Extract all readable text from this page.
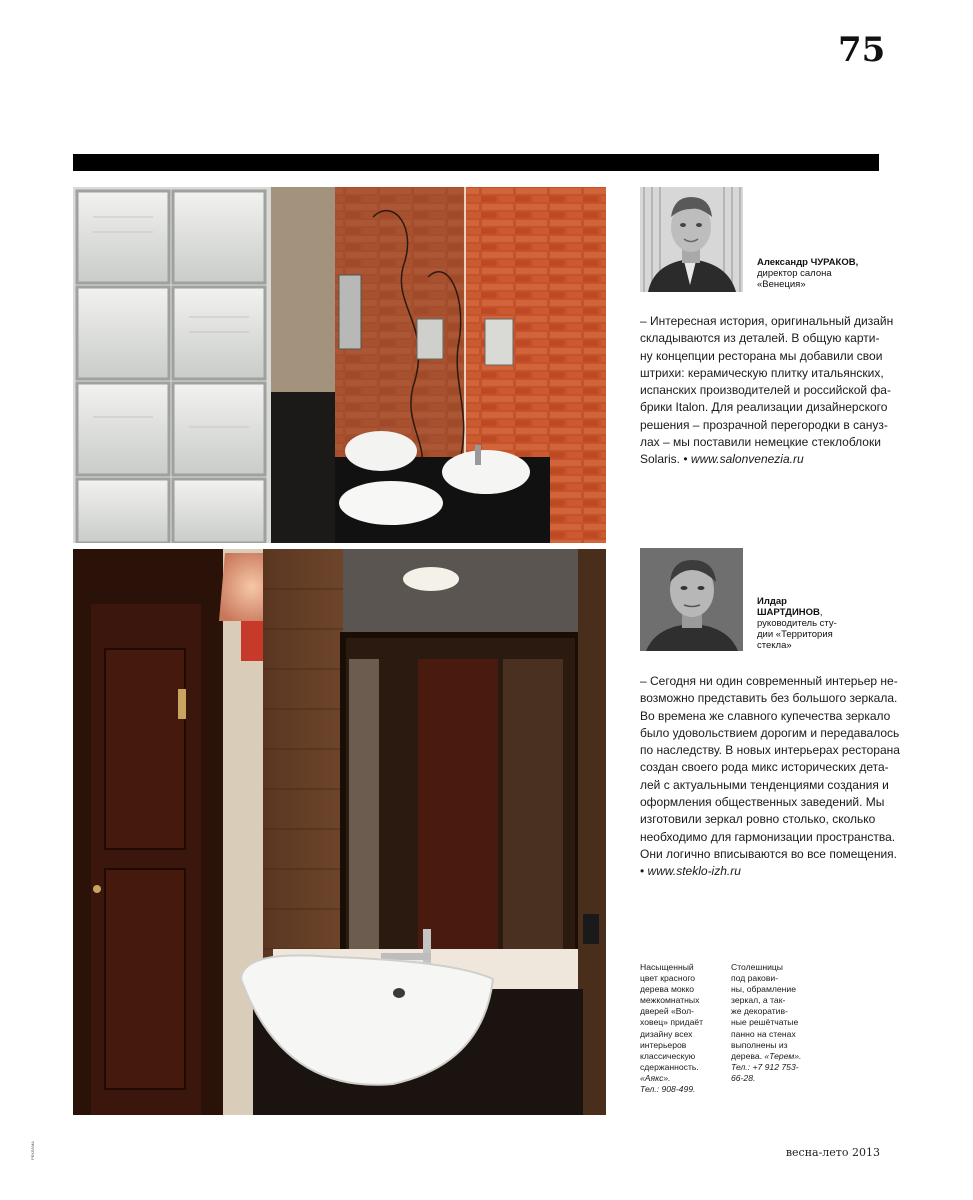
75
Александр ЧУРАКОВ,
директор салона
«Венеция»
– Интересная история, оригинальный дизайн
складываются из деталей. В общую карти-
ну концепции ресторана мы добавили свои
штрихи: керамическую плитку итальянских,
испанских производителей и российской фа-
брики Italon. Для реализации дизайнерского
решения – прозрачной перегородки в сануз-
лах – мы поставили немецкие стеклоблоки
Solaris. • www.salonvenezia.ru
Илдар
ШАРТДИНОВ,
руководитель сту-
дии «Территория
стекла»
– Сегодня ни один современный интерьер не-
возможно представить без большого зеркала.
Во времена же славного купечества зеркало
было удовольствием дорогим и передавалось
по наследству. В новых интерьерах ресторана
создан своего рода микс исторических дета-
лей с актуальными тенденциями создания и
оформления общественных заведений. Мы
изготовили зеркал ровно столько, сколько
необходимо для гармонизации пространства.
Они логично вписываются во все помещения.
• www.steklo-izh.ru
Насыщенный
цвет красного
дерева мокко
межкомнатных
дверей «Вол-
ховец» придаёт
дизайну всех
интерьеров
классическую
сдержанность.
«Аякс».
Тел.: 908-499.
Столешницы
под ракови-
ны, обрамление
зеркал, а так-
же декоратив-
ные решётчатые
панно на стенах
выполнены из
дерева. «Терем».
Тел.: +7 912 753-
66-28.
РЕКЛАМА	весна-лето 2013
